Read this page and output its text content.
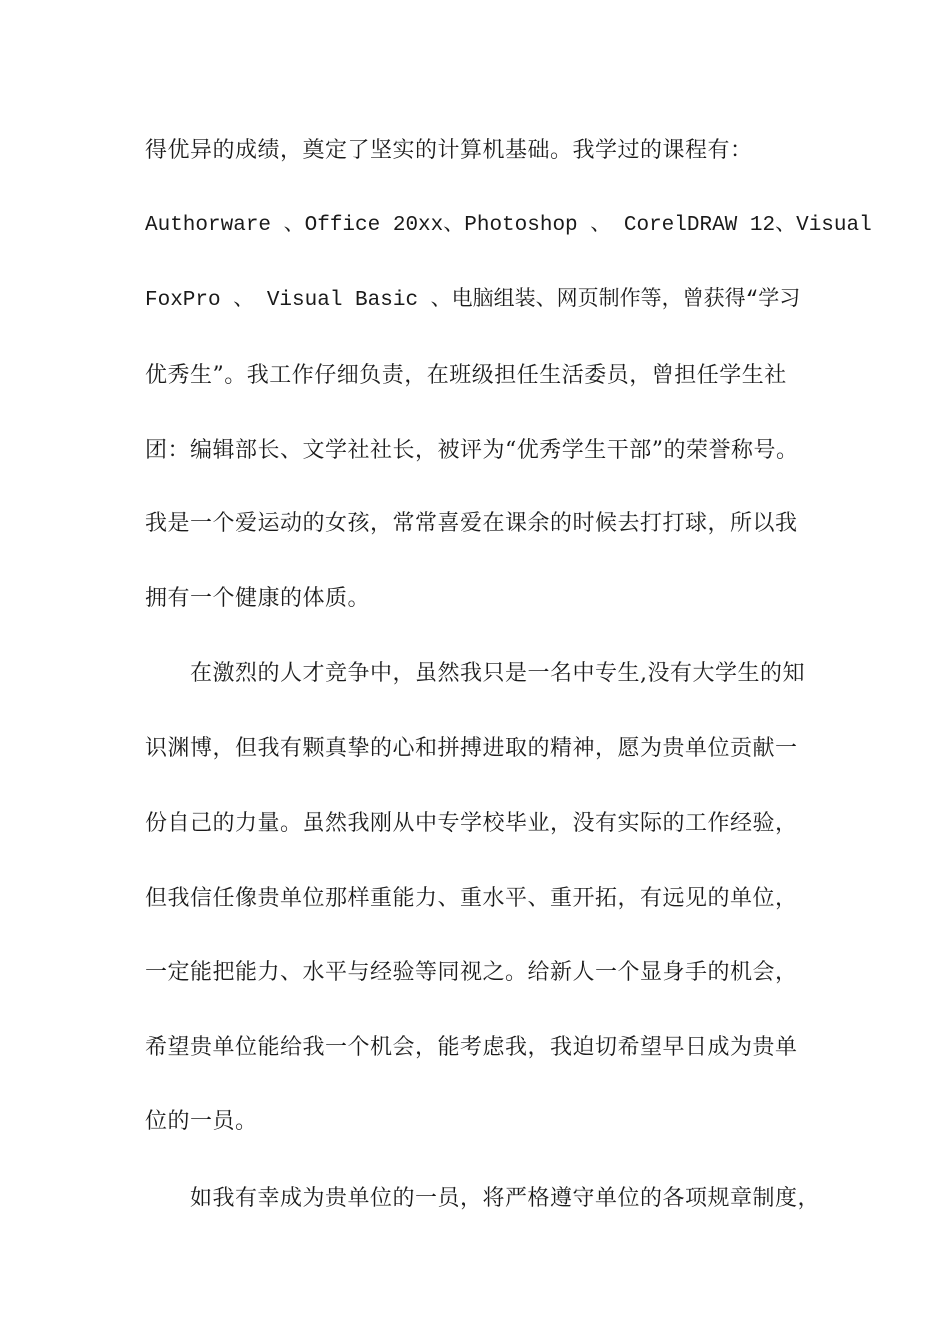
得优异的成绩，奠定了坚实的计算机基础。我学过的课程有：
Authorware 、Office 20xx、Photoshop 、 CorelDRAW 12、Visual
FoxPro 、 Visual Basic 、电脑组装、网页制作等，曾获得“学习
优秀生”。我工作仔细负责，在班级担任生活委员，曾担任学生社
团：编辑部长、文学社社长，被评为“优秀学生干部”的荣誉称号。
我是一个爱运动的女孩，常常喜爱在课余的时候去打打球，所以我
拥有一个健康的体质。
在激烈的人才竞争中，虽然我只是一名中专生,没有大学生的知
识渊博，但我有颗真挚的心和拼搏进取的精神，愿为贵单位贡献一
份自己的力量。虽然我刚从中专学校毕业，没有实际的工作经验，
但我信任像贵单位那样重能力、重水平、重开拓，有远见的单位，
一定能把能力、水平与经验等同视之。给新人一个显身手的机会，
希望贵单位能给我一个机会，能考虑我，我迫切希望早日成为贵单
位的一员。
如我有幸成为贵单位的一员，将严格遵守单位的各项规章制度，
